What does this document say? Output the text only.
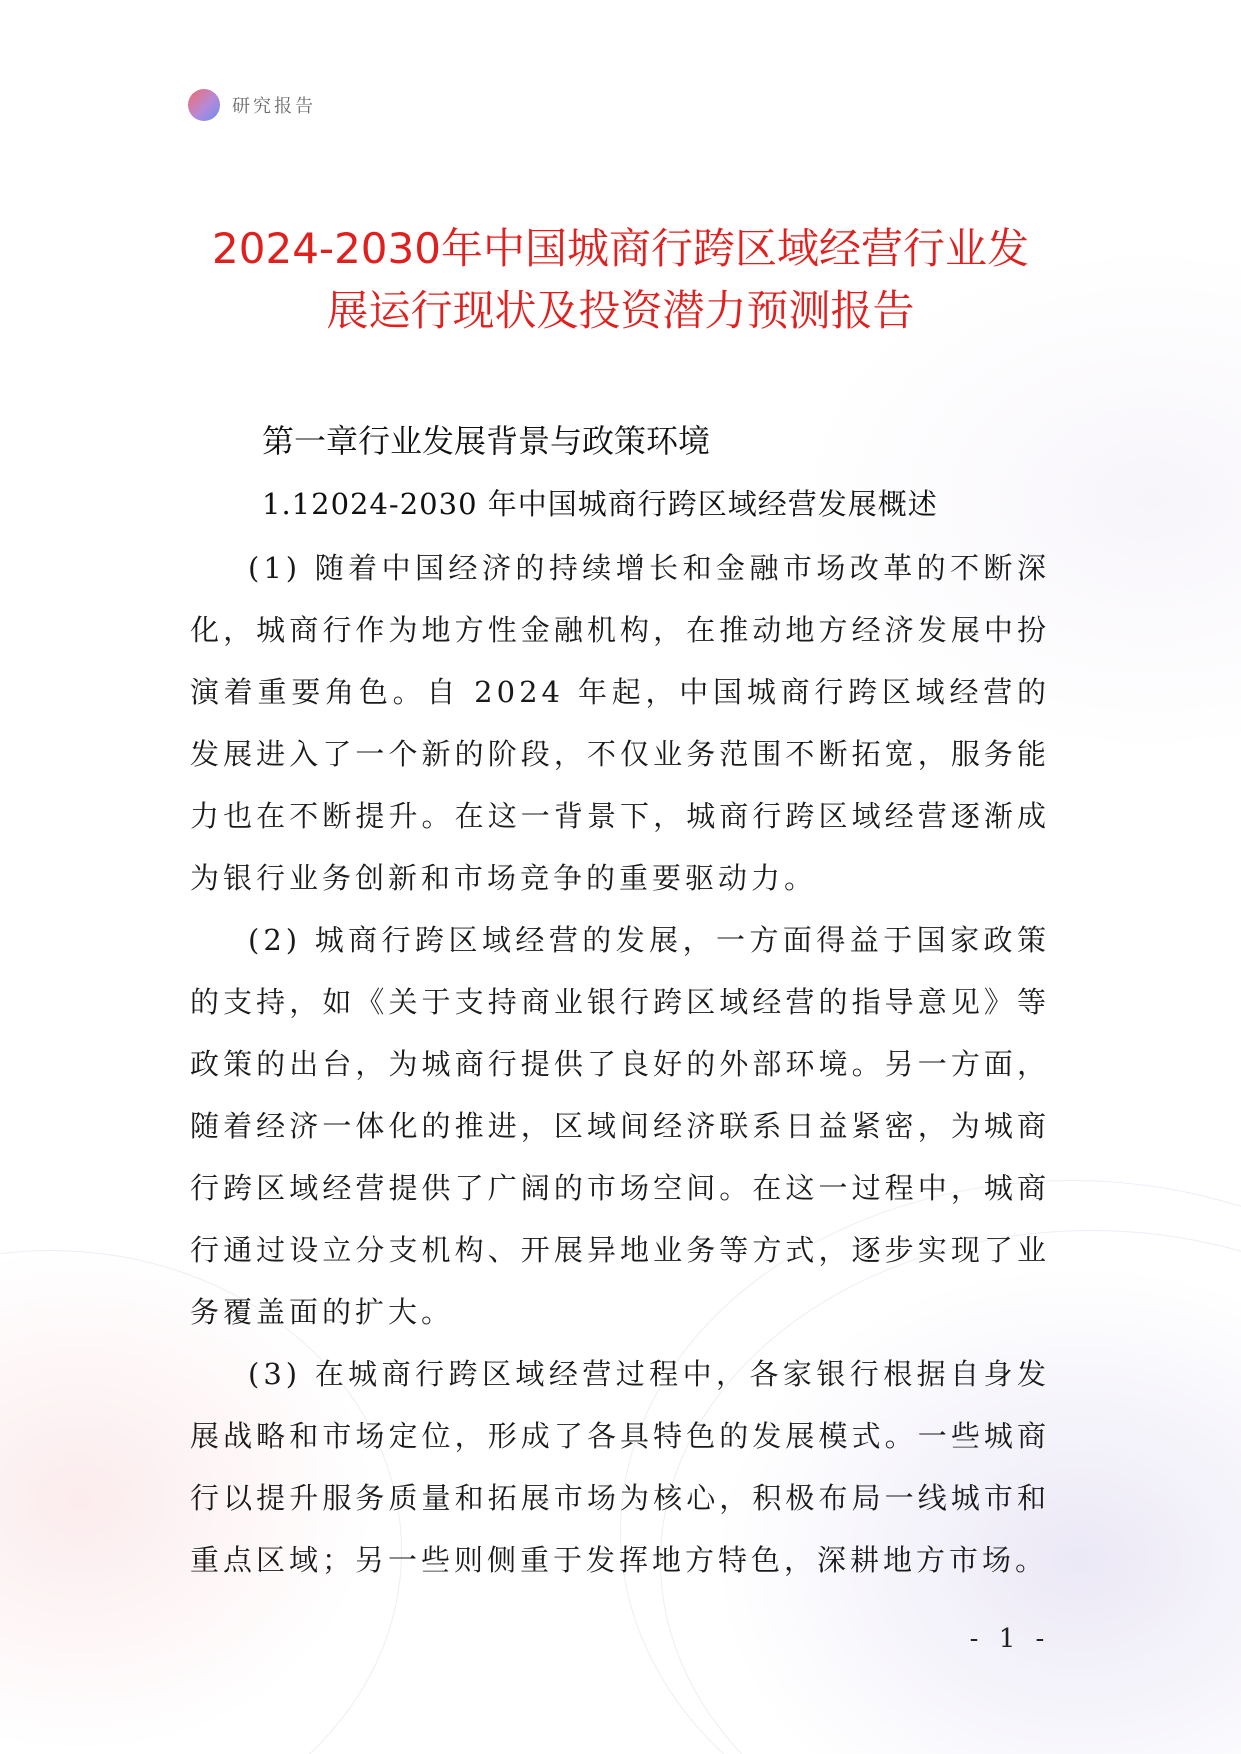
研究报告
2024-2030年中国城商行跨区域经营行业发
展运行现状及投资潜力预测报告
第一章行业发展背景与政策环境
1.12024-2030 年中国城商行跨区域经营发展概述

(1) 随着中国经济的持续增长和金融市场改革的不断深化，城商行作为地方性金融机构，在推动地方经济发展中扮演着重要角色。自 2024 年起，中国城商行跨区域经营的发展进入了一个新的阶段，不仅业务范围不断拓宽，服务能力也在不断提升。在这一背景下，城商行跨区域经营逐渐成为银行业务创新和市场竞争的重要驱动力。

(2) 城商行跨区域经营的发展，一方面得益于国家政策的支持，如《关于支持商业银行跨区域经营的指导意见》等政策的出台，为城商行提供了良好的外部环境。另一方面，随着经济一体化的推进，区域间经济联系日益紧密，为城商行跨区域经营提供了广阔的市场空间。在这一过程中，城商行通过设立分支机构、开展异地业务等方式，逐步实现了业务覆盖面的扩大。

(3) 在城商行跨区域经营过程中，各家银行根据自身发展战略和市场定位，形成了各具特色的发展模式。一些城商行以提升服务质量和拓展市场为核心，积极布局一线城市和重点区域；另一些则侧重于发挥地方特色，深耕地方市场。

- 1 -
